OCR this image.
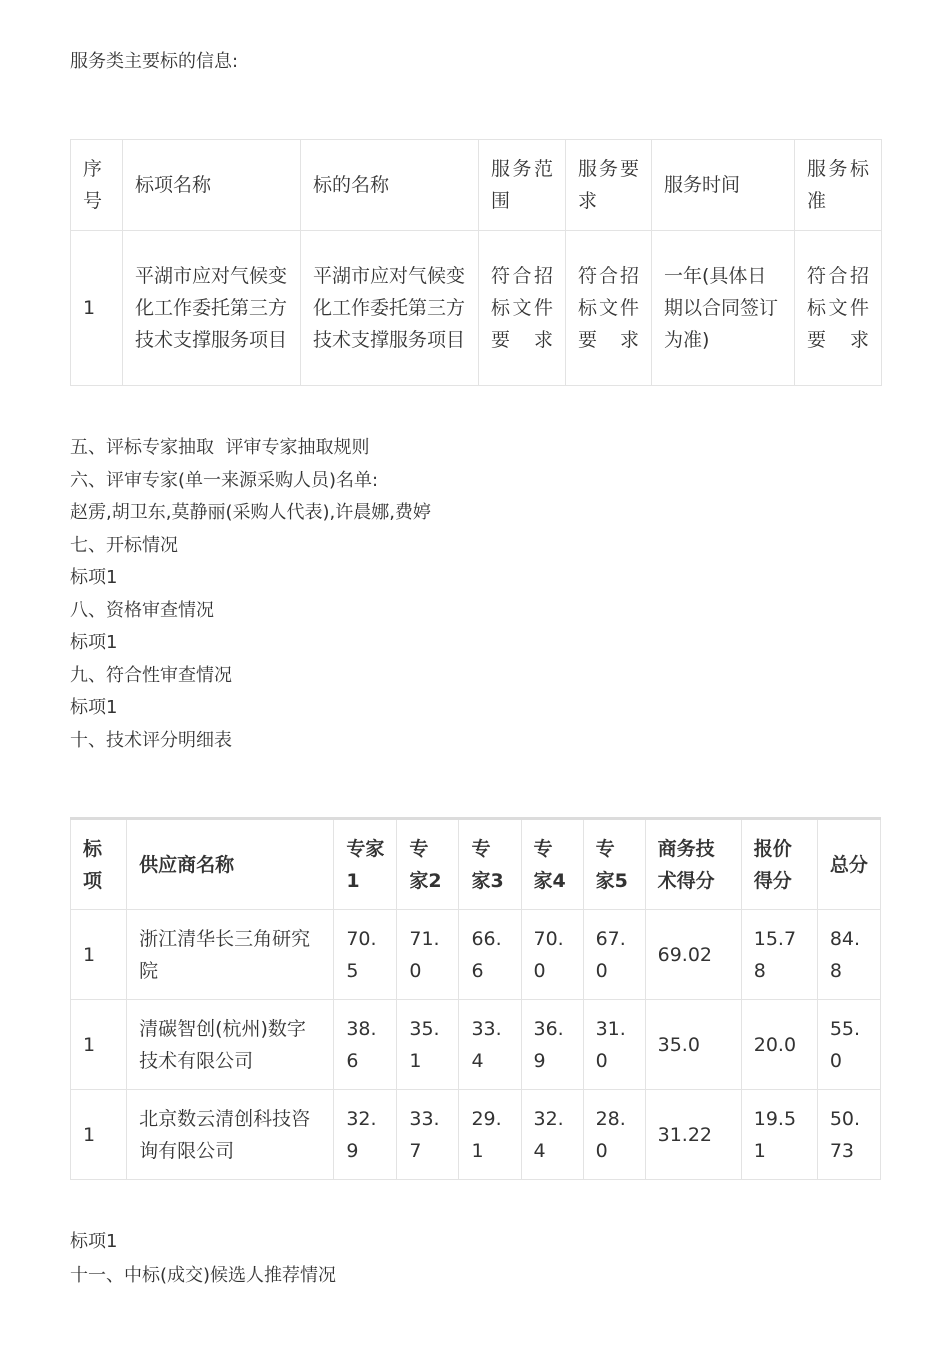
服务类主要标的信息:
序号	标项名称	标的名称	服务范围	服务要求	服务时间	服务标准
1	平湖市应对气候变化工作委托第三方技术支撑服务项目	平湖市应对气候变化工作委托第三方技术支撑服务项目	符合招标文件要求	符合招标文件要求	一年(具体日期以合同签订为准)	符合招标文件要求
五、评标专家抽取  评审专家抽取规则
六、评审专家(单一来源采购人员)名单:
赵雳,胡卫东,莫静丽(采购人代表),许晨娜,费婷
七、开标情况
标项1
八、资格审查情况
标项1
九、符合性审查情况
标项1
十、技术评分明细表
标项	供应商名称	专家1	专家2	专家3	专家4	专家5	商务技术得分	报价得分	总分
1	浙江清华长三角研究院	70.5	71.0	66.6	70.0	67.0	69.02	15.78	84.8
1	清碳智创(杭州)数字技术有限公司	38.6	35.1	33.4	36.9	31.0	35.0	20.0	55.0
1	北京数云清创科技咨询有限公司	32.9	33.7	29.1	32.4	28.0	31.22	19.51	50.73
标项1
十一、中标(成交)候选人推荐情况
